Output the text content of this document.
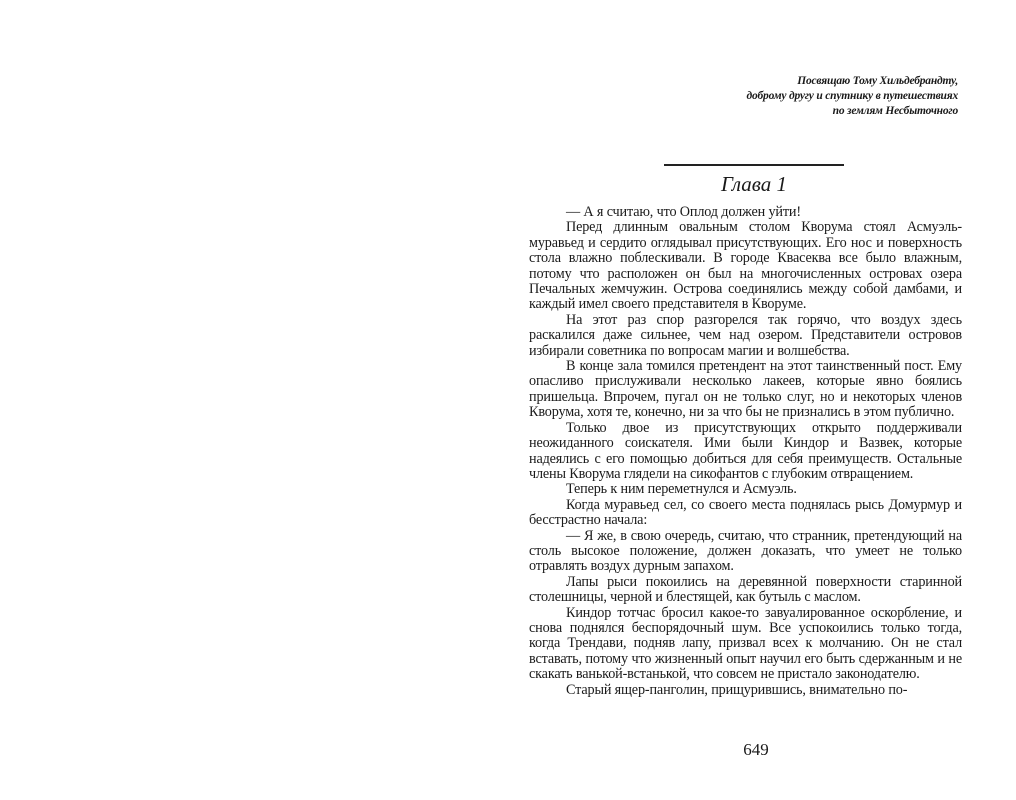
Посвящаю Тому Хильдебрандту,
доброму другу и спутнику в путешествиях
по землям Несбыточного
Глава 1

— А я считаю, что Оплод должен уйти!

Перед длинным овальным столом Кворума стоял Асмуэль-муравьед и сердито оглядывал присутствующих. Его нос и поверхность стола влажно поблескивали. В городе Квасеква все было влажным, потому что расположен он был на многочисленных островах озера Печальных жемчужин. Острова соединялись между собой дамбами, и каждый имел своего представителя в Кворуме.

На этот раз спор разгорелся так горячо, что воздух здесь раскалился даже сильнее, чем над озером. Представители островов избирали советника по вопросам магии и волшебства.

В конце зала томился претендент на этот таинственный пост. Ему опасливо прислуживали несколько лакеев, которые явно боялись пришельца. Впрочем, пугал он не только слуг, но и некоторых членов Кворума, хотя те, конечно, ни за что бы не признались в этом публично.

Только двое из присутствующих открыто поддерживали неожиданного соискателя. Ими были Киндор и Вазвек, которые надеялись с его помощью добиться для себя преимуществ. Остальные члены Кворума глядели на сикофантов с глубоким отвращением.

Теперь к ним переметнулся и Асмуэль.

Когда муравьед сел, со своего места поднялась рысь Домурмур и бесстрастно начала:

— Я же, в свою очередь, считаю, что странник, претендующий на столь высокое положение, должен доказать, что умеет не только отравлять воздух дурным запахом.

Лапы рыси покоились на деревянной поверхности старинной столешницы, черной и блестящей, как бутыль с маслом.

Киндор тотчас бросил какое-то завуалированное оскорбление, и снова поднялся беспорядочный шум. Все успокоились только тогда, когда Трендави, подняв лапу, призвал всех к молчанию. Он не стал вставать, потому что жизненный опыт научил его быть сдержанным и не скакать ванькой-встанькой, что совсем не пристало законодателю.

Старый ящер-панголин, прищурившись, внимательно по-

649
